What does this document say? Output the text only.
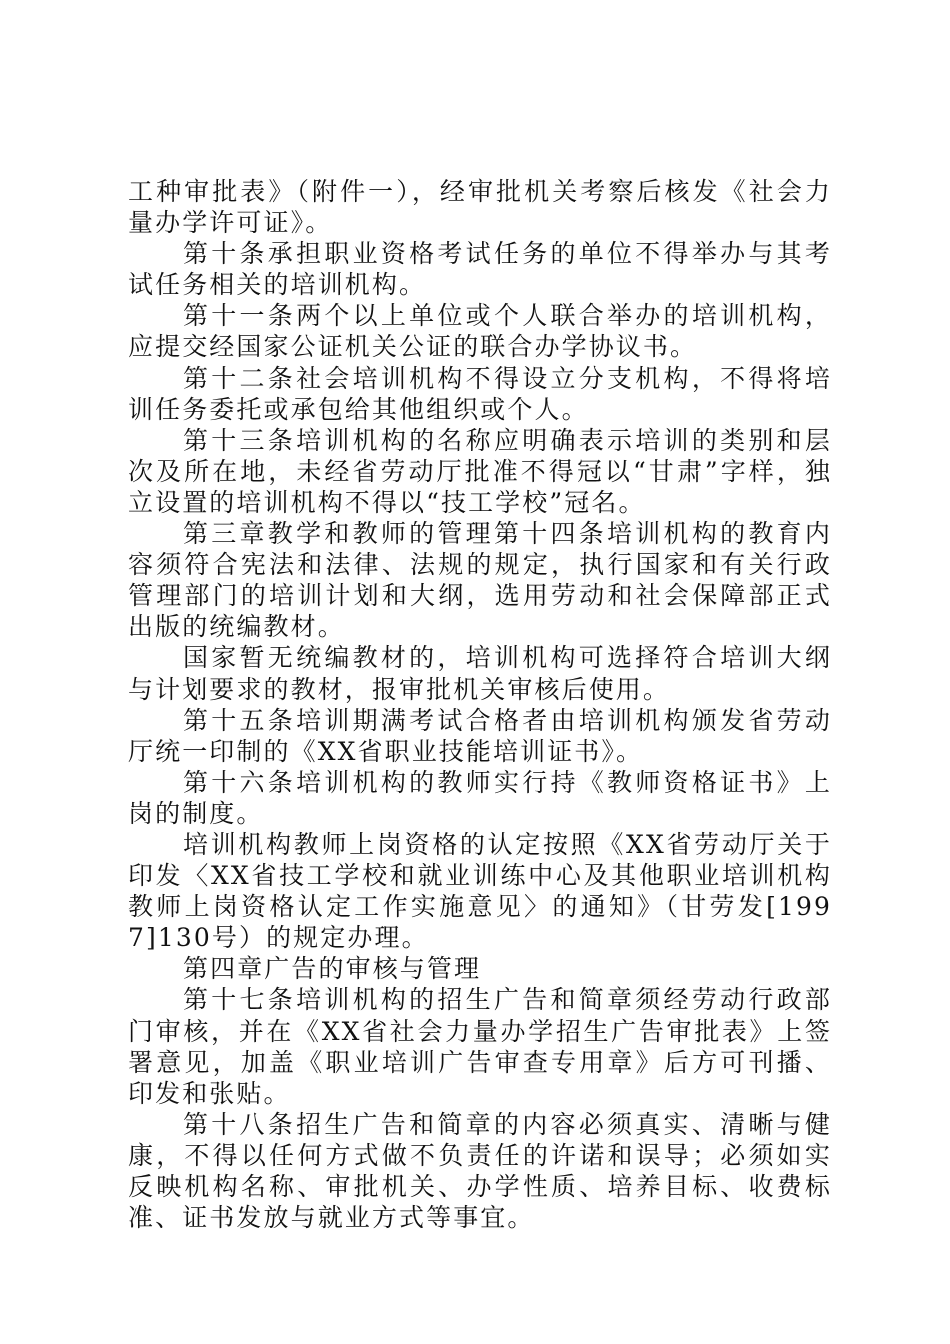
工种审批表》（附件一），经审批机关考察后核发《社会力量办学许可证》。

第十条承担职业资格考试任务的单位不得举办与其考试任务相关的培训机构。

第十一条两个以上单位或个人联合举办的培训机构，应提交经国家公证机关公证的联合办学协议书。

第十二条社会培训机构不得设立分支机构，不得将培训任务委托或承包给其他组织或个人。

第十三条培训机构的名称应明确表示培训的类别和层次及所在地，未经省劳动厅批准不得冠以“甘肃”字样，独立设置的培训机构不得以“技工学校”冠名。

第三章教学和教师的管理第十四条培训机构的教育内容须符合宪法和法律、法规的规定，执行国家和有关行政管理部门的培训计划和大纲，选用劳动和社会保障部正式出版的统编教材。

国家暂无统编教材的，培训机构可选择符合培训大纲与计划要求的教材，报审批机关审核后使用。

第十五条培训期满考试合格者由培训机构颁发省劳动厅统一印制的《XX省职业技能培训证书》。

第十六条培训机构的教师实行持《教师资格证书》上岗的制度。

培训机构教师上岗资格的认定按照《XX省劳动厅关于印发〈XX省技工学校和就业训练中心及其他职业培训机构教师上岗资格认定工作实施意见〉的通知》（甘劳发[1997]130号）的规定办理。

第四章广告的审核与管理

第十七条培训机构的招生广告和简章须经劳动行政部门审核，并在《XX省社会力量办学招生广告审批表》上签署意见，加盖《职业培训广告审查专用章》后方可刊播、印发和张贴。

第十八条招生广告和简章的内容必须真实、清晰与健康，不得以任何方式做不负责任的许诺和误导；必须如实反映机构名称、审批机关、办学性质、培养目标、收费标准、证书发放与就业方式等事宜。
